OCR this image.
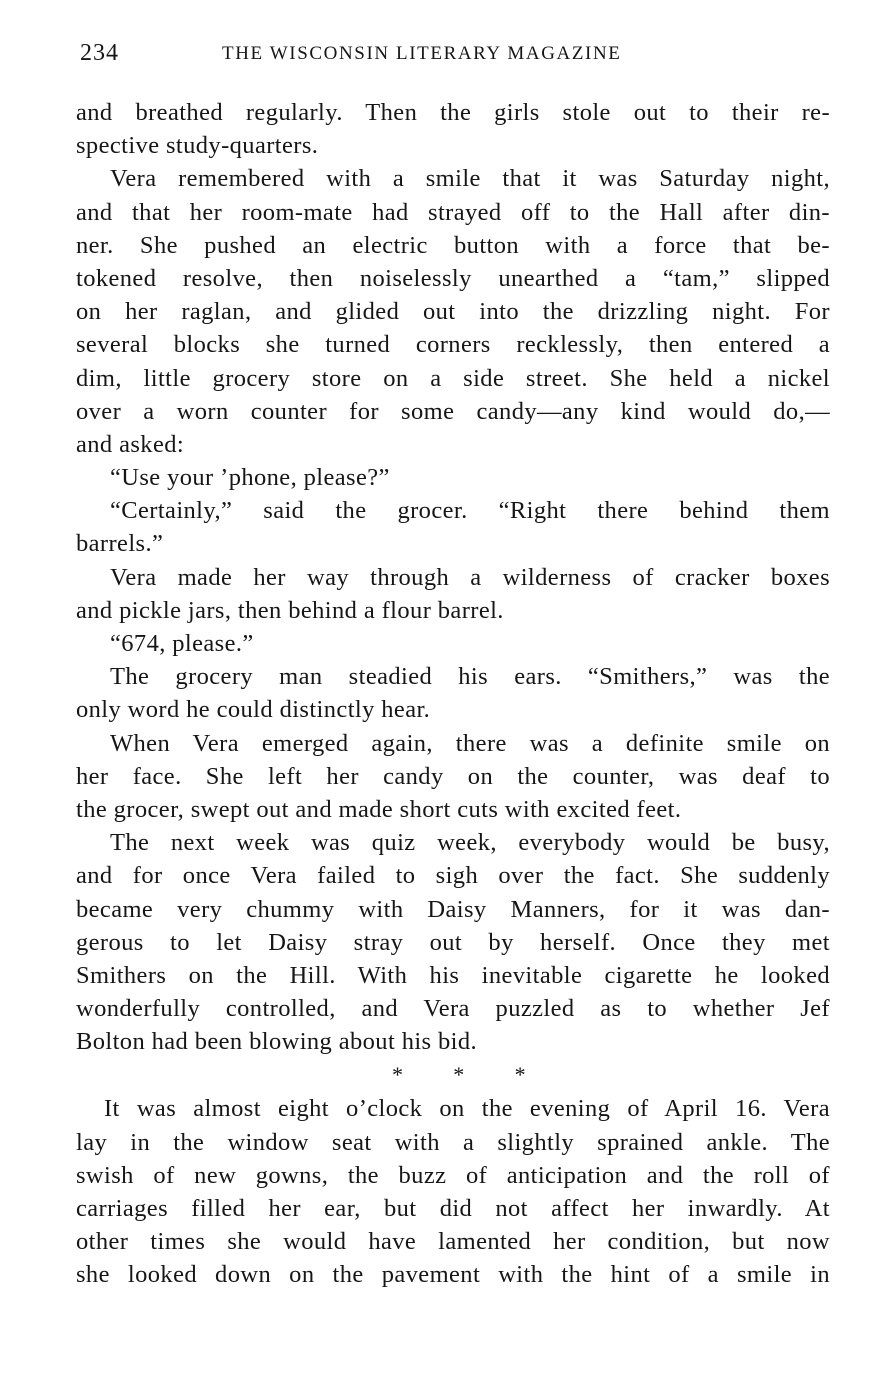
234	THE WISCONSIN LITERARY MAGAZINE
and breathed regularly. Then the girls stole out to their re-
spective study-quarters.
Vera remembered with a smile that it was Saturday night,
and that her room-mate had strayed off to the Hall after din-
ner. She pushed an electric button with a force that be-
tokened resolve, then noiselessly unearthed a “tam,” slipped
on her raglan, and glided out into the drizzling night. For
several blocks she turned corners recklessly, then entered a
dim, little grocery store on a side street. She held a nickel
over a worn counter for some candy—any kind would do,—
and asked:
“Use your ’phone, please?”
“Certainly,” said the grocer. “Right there behind them
barrels.”
Vera made her way through a wilderness of cracker boxes
and pickle jars, then behind a flour barrel.
“674, please.”
The grocery man steadied his ears. “Smithers,” was the
only word he could distinctly hear.
When Vera emerged again, there was a definite smile on
her face. She left her candy on the counter, was deaf to
the grocer, swept out and made short cuts with excited feet.
The next week was quiz week, everybody would be busy,
and for once Vera failed to sigh over the fact. She suddenly
became very chummy with Daisy Manners, for it was dan-
gerous to let Daisy stray out by herself. Once they met
Smithers on the Hill. With his inevitable cigarette he looked
wonderfully controlled, and Vera puzzled as to whether Jef
Bolton had been blowing about his bid.
* * *
It was almost eight o’clock on the evening of April 16. Vera
lay in the window seat with a slightly sprained ankle. The
swish of new gowns, the buzz of anticipation and the roll of
carriages filled her ear, but did not affect her inwardly. At
other times she would have lamented her condition, but now
she looked down on the pavement with the hint of a smile in
